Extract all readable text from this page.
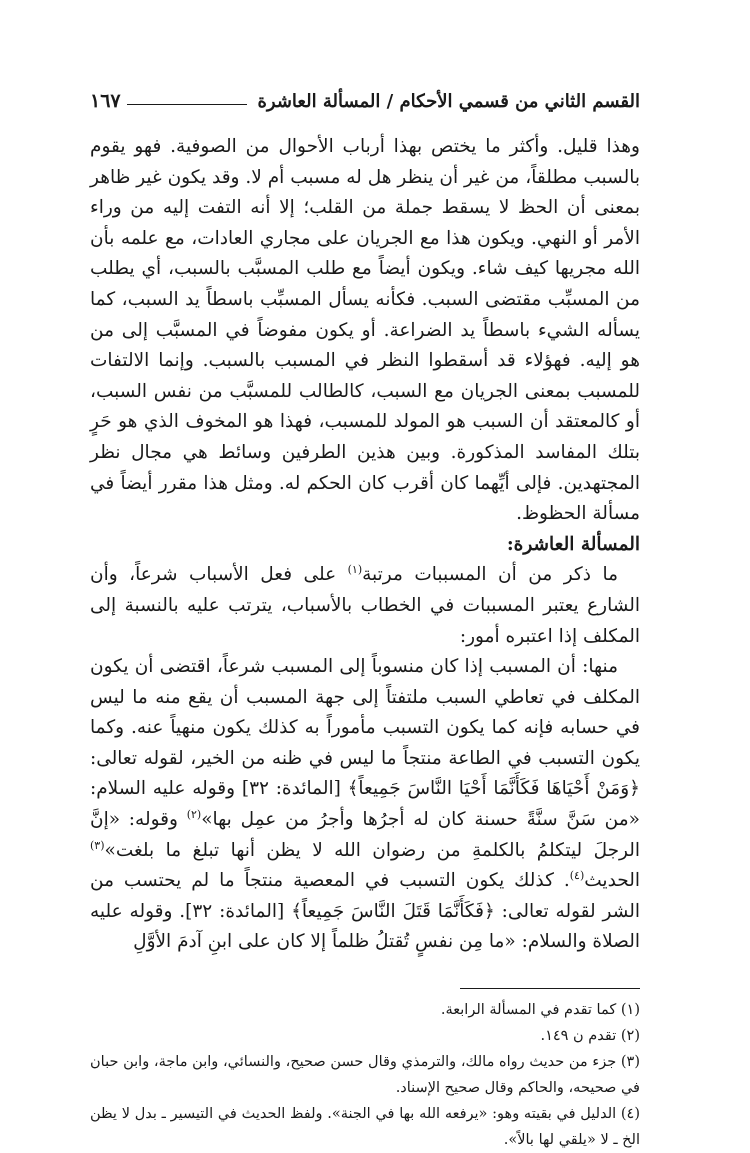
القسم الثاني من قسمي الأحكام / المسألة العاشرة
١٦٧

وهذا قليل. وأكثر ما يختص بهذا أرباب الأحوال من الصوفية. فهو يقوم بالسبب مطلقاً، من غير أن ينظر هل له مسبب أم لا. وقد يكون غير ظاهر بمعنى أن الحظ لا يسقط جملة من القلب؛ إلا أنه التفت إليه من وراء الأمر أو النهي. ويكون هذا مع الجريان على مجاري العادات، مع علمه بأن الله مجريها كيف شاء. ويكون أيضاً مع طلب المسبَّب بالسبب، أي يطلب من المسبِّب مقتضى السبب. فكأنه يسأل المسبِّب باسطاً يد السبب، كما يسأله الشيء باسطاً يد الضراعة. أو يكون مفوضاً في المسبَّب إلى من هو إليه. فهؤلاء قد أسقطوا النظر في المسبب بالسبب. وإنما الالتفات للمسبب بمعنى الجريان مع السبب، كالطالب للمسبَّب من نفس السبب، أو كالمعتقد أن السبب هو المولد للمسبب، فهذا هو المخوف الذي هو حَرٍ بتلك المفاسد المذكورة. وبين هذين الطرفين وسائط هي مجال نظر المجتهدين. فإلى أيِّهما كان أقرب كان الحكم له. ومثل هذا مقرر أيضاً في مسألة الحظوظ.

المسألة العاشرة:

ما ذكر من أن المسببات مرتبة$^{(١)}$ على فعل الأسباب شرعاً، وأن الشارع يعتبر المسببات في الخطاب بالأسباب، يترتب عليه بالنسبة إلى المكلف إذا اعتبره أمور:

منها: أن المسبب إذا كان منسوباً إلى المسبب شرعاً، اقتضى أن يكون المكلف في تعاطي السبب ملتفتاً إلى جهة المسبب أن يقع منه ما ليس في حسابه فإنه كما يكون التسبب مأموراً به كذلك يكون منهياً عنه. وكما يكون التسبب في الطاعة منتجاً ما ليس في ظنه من الخير، لقوله تعالى: ﴿وَمَنْ أَحْيَاهَا فَكَأَنَّمَا أَحْيَا النَّاسَ جَمِيعاً﴾ [المائدة: ٣٢] وقوله عليه السلام: «من سَنَّ سنَّةً حسنة كان له أجرُها وأجرُ من عمِل بها»$^{(٢)}$ وقوله: «إنَّ الرجلَ ليتكلمُ بالكلمةِ من رضوان الله لا يظن أنها تبلغ ما بلغت»$^{(٣)}$ الحديث$^{(٤)}$. كذلك يكون التسبب في المعصية منتجاً ما لم يحتسب من الشر لقوله تعالى: ﴿فَكَأَنَّمَا قَتَلَ النَّاسَ جَمِيعاً﴾ [المائدة: ٣٢]. وقوله عليه الصلاة والسلام: «ما مِن نفسٍ تُقتلُ ظلماً إلا كان على ابنِ آدمَ الأوَّلِ

(١) كما تقدم في المسألة الرابعة.

(٢) تقدم ن ١٤٩.

(٣) جزء من حديث رواه مالك، والترمذي وقال حسن صحيح، والنسائي، وابن ماجة، وابن حبان في صحيحه، والحاكم وقال صحيح الإسناد.

(٤) الدليل في بقيته وهو: «يرفعه الله بها في الجنة». ولفظ الحديث في التيسير ـ بدل لا يظن الخ ـ لا «يلقي لها بالاً».
